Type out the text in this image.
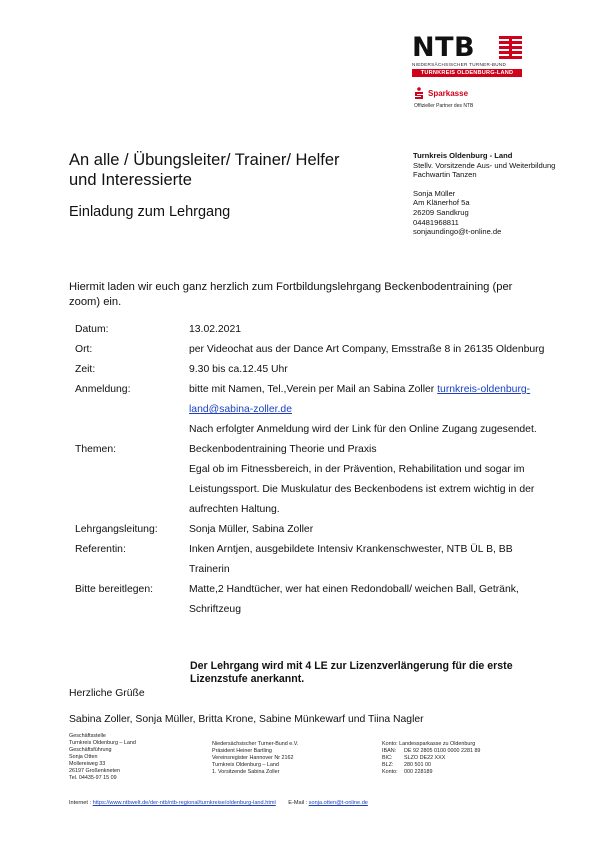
NTB
NIEDERSÄCHSISCHER TURNER-BUND
TURNKREIS OLDENBURG-LAND
Sparkasse
Offizieller Partner des NTB
An alle / Übungsleiter/ Trainer/ Helfer
und Interessierte
Einladung zum Lehrgang
Turnkreis Oldenburg - Land
Stellv. Vorsitzende Aus- und Weiterbildung
Fachwartin Tanzen
Sonja Müller
Am Klänerhof 5a
26209 Sandkrug
04481968811
sonjaundingo@t-online.de
Hiermit laden wir euch ganz herzlich zum Fortbildungslehrgang Beckenbodentraining (per zoom) ein.
Datum:	13.02.2021
Ort:	per Videochat aus der Dance Art Company, Emsstraße 8 in 26135 Oldenburg
Zeit:	9.30 bis ca.12.45 Uhr
Anmeldung:	bitte mit Namen, Tel.,Verein per Mail an Sabina Zoller turnkreis-oldenburg-land@sabina-zoller.de
Nach erfolgter Anmeldung wird der Link für den Online Zugang zugesendet.

Themen:	Beckenbodentraining Theorie und Praxis
Egal ob im Fitnessbereich, in der Prävention, Rehabilitation und sogar im Leistungssport. Die Muskulatur des Beckenbodens ist extrem wichtig in der aufrechten Haltung.

Lehrgangsleitung:	Sonja Müller, Sabina Zoller
Referentin:	Inken Arntjen, ausgebildete Intensiv Krankenschwester, NTB ÜL B, BB Trainerin
Bitte bereitlegen:	Matte,2 Handtücher, wer hat einen Redondoball/ weichen Ball, Getränk, Schriftzeug
Der Lehrgang wird mit 4 LE zur Lizenzverlängerung für die erste Lizenzstufe anerkannt.
Herzliche Grüße
Sabina Zoller, Sonja Müller, Britta Krone, Sabine Münkewarf und Tiina Nagler
Geschäftsstelle
Turnkreis Oldenburg – Land
Geschäftsführung
Sonja Otten
Mollereiweg 33
26197 Großenkneten
Tel. 04435-97 15 09
Niedersächsischer Turner-Bund e.V.
Präsident Heiner Bartling
Vereinsregister Hannover Nr 2162
Turnkreis Oldenburg – Land
1. Vorsitzende Sabina Zoller
Konto: Landessparkasse zu Oldenburg
IBAN: DE 92 2805 0100 0000 2281 89
BIC: SLZO DE22 XXX
BLZ: 280 501 00
Konto: 000 228189
Internet : https://www.ntbwelt.de/der-ntb/ntb-regional/turnkreise/oldenburg-land.html E-Mail : sonja.otten@t-online.de
